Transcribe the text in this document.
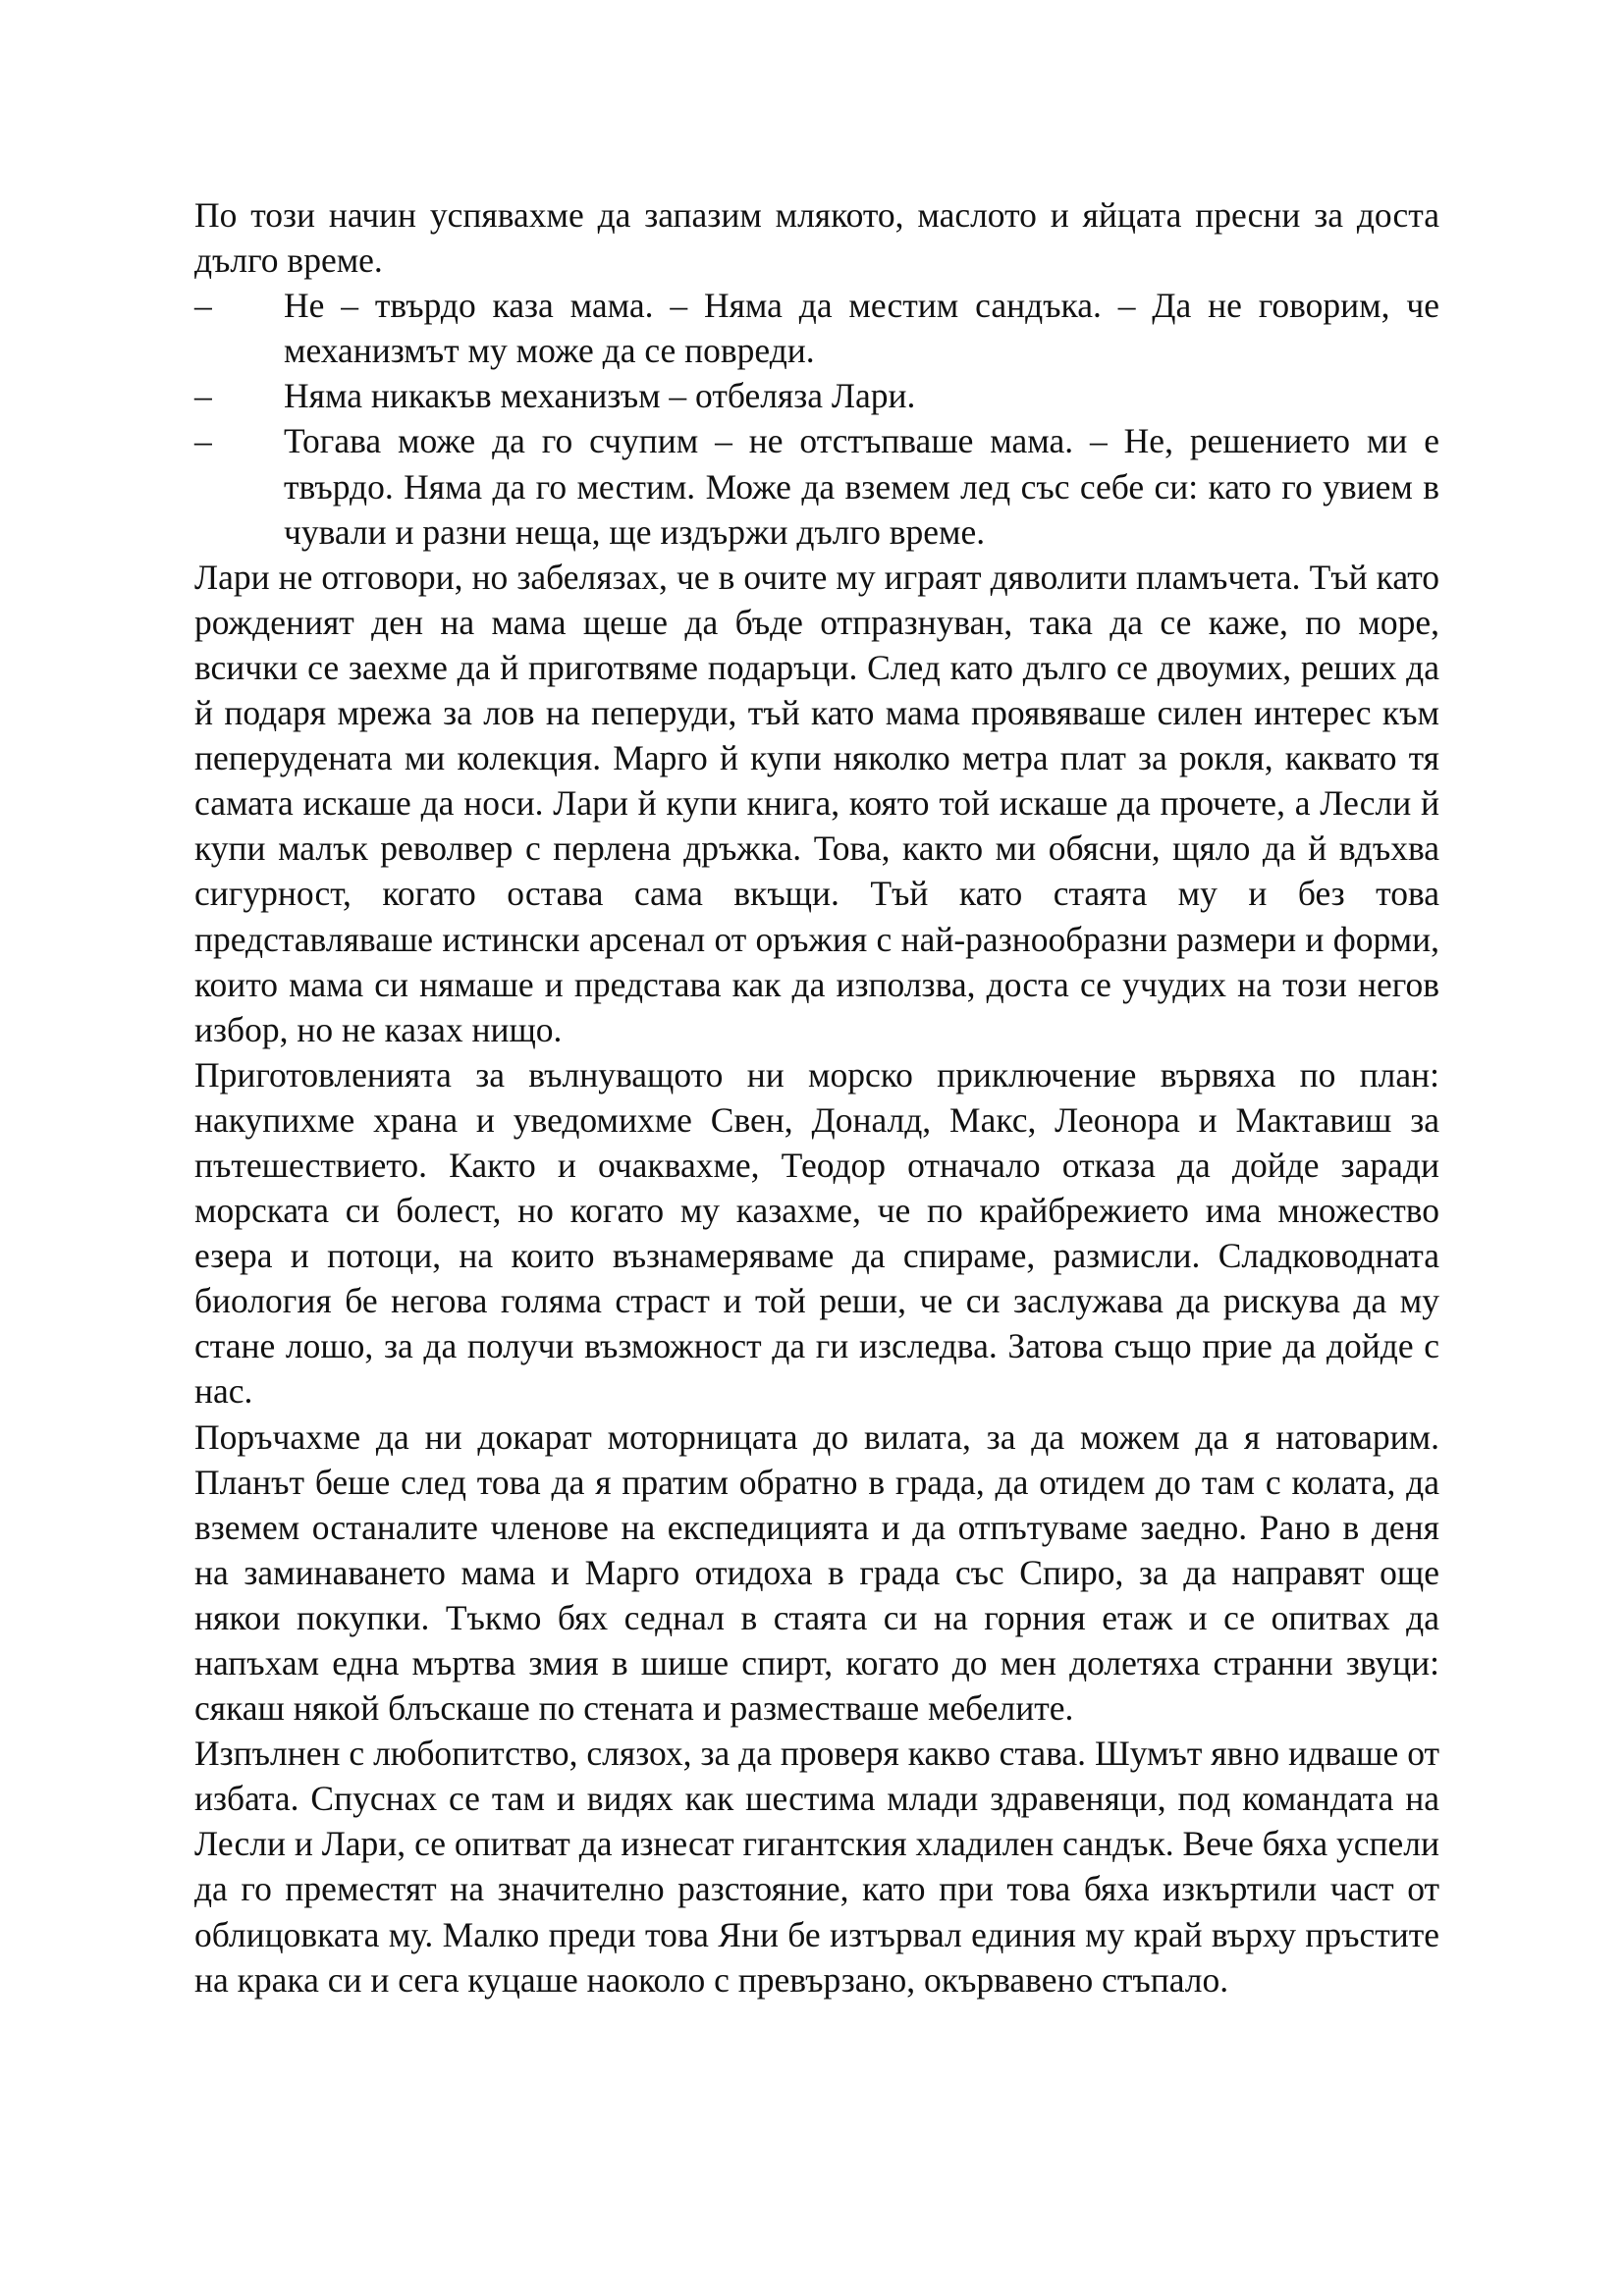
По този начин успявахме да запазим млякото, маслото и яйцата пресни за доста дълго време.

– Не – твърдо каза мама. – Няма да местим сандъка. – Да не говорим, че механизмът му може да се повреди.

– Няма никакъв механизъм – отбеляза Лари.

– Тогава може да го счупим – не отстъпваше мама. – Не, решението ми е твърдо. Няма да го местим. Може да вземем лед със себе си: като го увием в чували и разни неща, ще издържи дълго време.

Лари не отговори, но забелязах, че в очите му играят дяволити пламъчета. Тъй като рожденият ден на мама щеше да бъде отпразнуван, така да се каже, по море, всички се заехме да й приготвяме подаръци. След като дълго се двоумих, реших да й подаря мрежа за лов на пеперуди, тъй като мама проявяваше силен интерес към пеперудената ми колекция. Марго й купи няколко метра плат за рокля, каквато тя самата искаше да носи. Лари й купи книга, която той искаше да прочете, а Лесли й купи малък револвер с перлена дръжка. Това, както ми обясни, щяло да й вдъхва сигурност, когато остава сама вкъщи. Тъй като стаята му и без това представляваше истински арсенал от оръжия с най-разнообразни размери и форми, които мама си нямаше и представа как да използва, доста се учудих на този негов избор, но не казах нищо.

Приготовленията за вълнуващото ни морско приключение вървяха по план: накупихме храна и уведомихме Свен, Доналд, Макс, Леонора и Мактавиш за пътешествието. Както и очаквахме, Теодор отначало отказа да дойде заради морската си болест, но когато му казахме, че по крайбрежието има множество езера и потоци, на които възнамеряваме да спираме, размисли. Сладководната биология бе негова голяма страст и той реши, че си заслужава да рискува да му стане лошо, за да получи възможност да ги изследва. Затова също прие да дойде с нас.

Поръчахме да ни докарат моторницата до вилата, за да можем да я натоварим. Планът беше след това да я пратим обратно в града, да отидем до там с колата, да вземем останалите членове на експедицията и да отпътуваме заедно. Рано в деня на заминаването мама и Марго отидоха в града със Спиро, за да направят още някои покупки. Тъкмо бях седнал в стаята си на горния етаж и се опитвах да напъхам една мъртва змия в шише спирт, когато до мен долетяха странни звуци: сякаш някой блъскаше по стената и разместваше мебелите.

Изпълнен с любопитство, слязох, за да проверя какво става. Шумът явно идваше от избата. Спуснах се там и видях как шестима млади здравеняци, под командата на Лесли и Лари, се опитват да изнесат гигантския хладилен сандък. Вече бяха успели да го преместят на значително разстояние, като при това бяха изкъртили част от облицовката му. Малко преди това Яни бе изтървал единия му край върху пръстите на крака си и сега куцаше наоколо с превързано, окървавено стъпало.
